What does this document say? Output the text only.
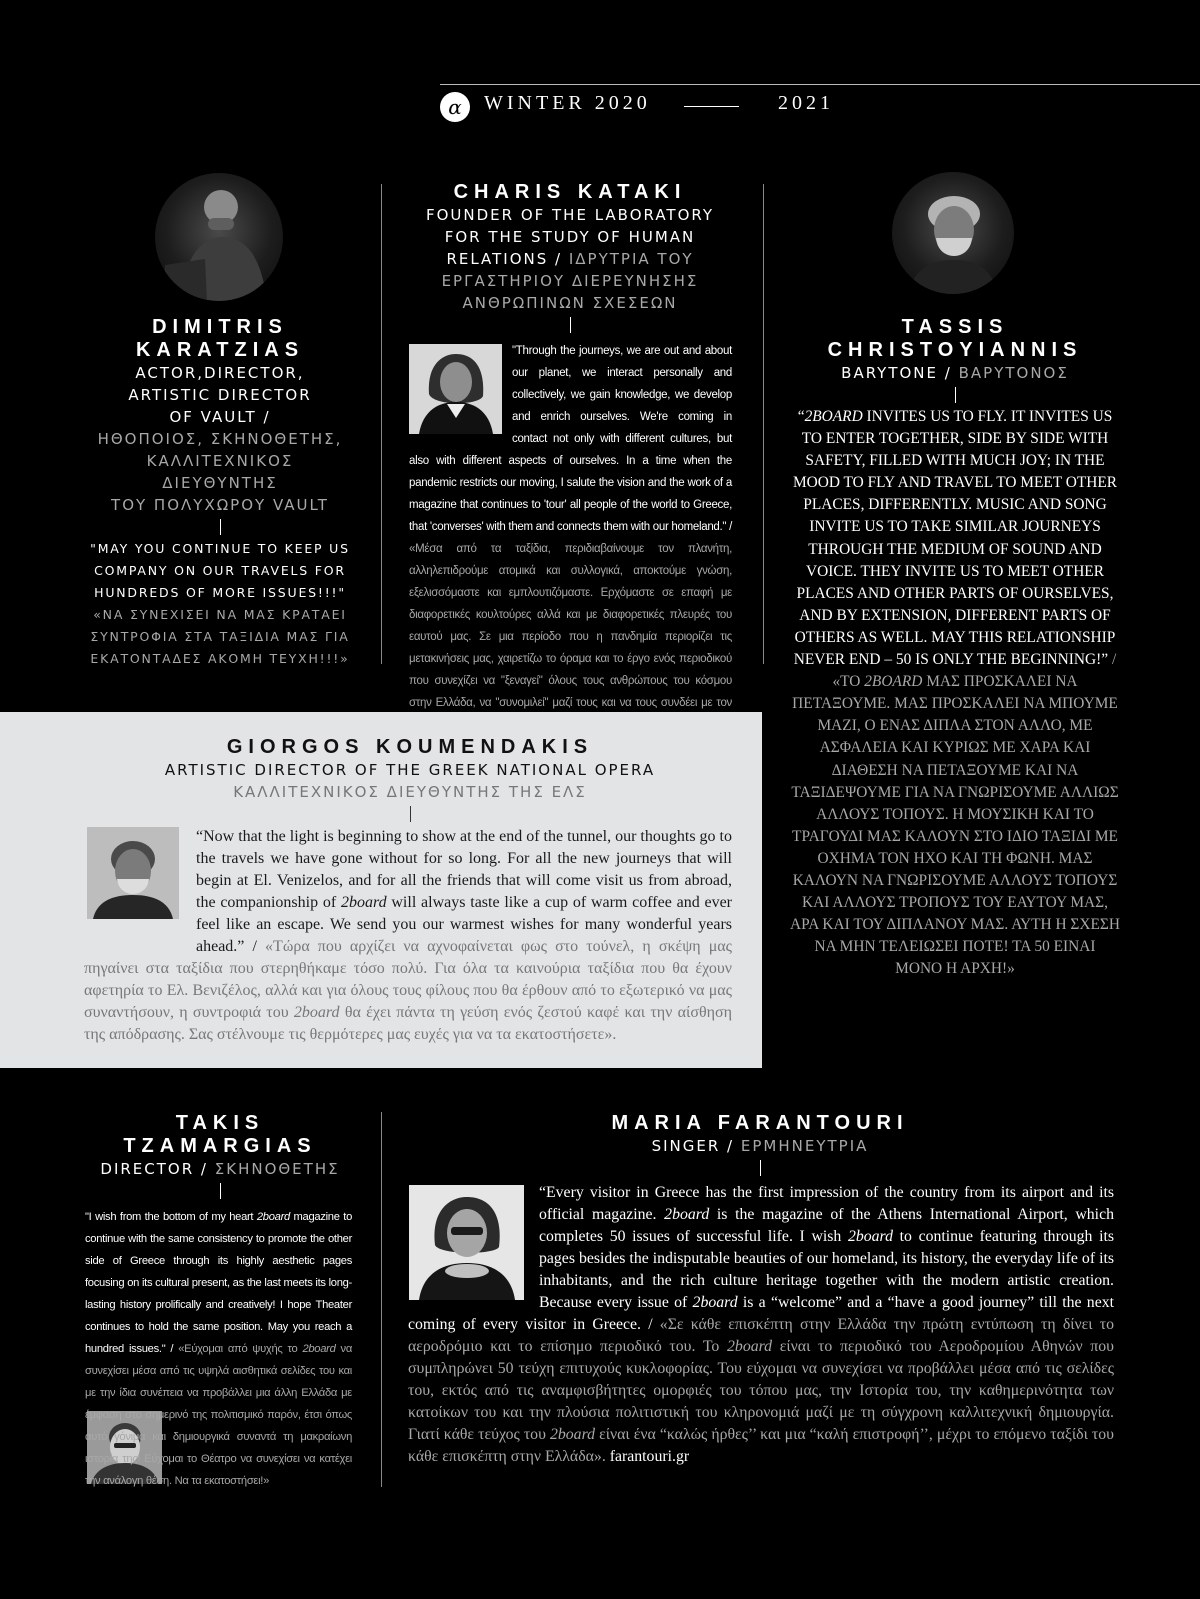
α	WINTER 2020	2021
DIMITRIS
KARATZIAS
ACTOR,DIRECTOR,
ARTISTIC DIRECTOR
OF VAULT /
ΗΘΟΠΟΙΟΣ, ΣΚΗΝΟΘΕΤΗΣ,
ΚΑΛΛΙΤΕΧΝΙΚΟΣ
ΔΙΕΥΘΥΝΤΗΣ
ΤΟΥ ΠΟΛΥΧΩΡΟΥ VAULT
"MAY YOU CONTINUE TO KEEP US
COMPANY ON OUR TRAVELS FOR
HUNDREDS OF MORE ISSUES!!!"
«ΝΑ ΣΥΝΕΧΙΣΕΙ ΝΑ ΜΑΣ ΚΡΑΤΑΕΙ
ΣΥΝΤΡΟΦΙΑ ΣΤΑ ΤΑΞΙΔΙΑ ΜΑΣ ΓΙΑ
ΕΚΑΤΟΝΤΑΔΕΣ ΑΚΟΜΗ ΤΕΥΧΗ!!!»
CHARIS KATAKI
FOUNDER OF THE LABORATORY
FOR THE STUDY OF HUMAN
RELATIONS / ΙΔΡΥΤΡΙΑ ΤΟΥ
ΕΡΓΑΣΤΗΡΙΟΥ ΔΙΕΡΕΥΝΗΣΗΣ
ΑΝΘΡΩΠΙΝΩΝ ΣΧΕΣΕΩΝ
"Through the journeys, we are out and about our planet, we interact personally and collectively, we gain knowledge, we develop and enrich ourselves. We're coming in contact not only with different cultures, but also with different aspects of ourselves. In a time when the pandemic restricts our moving, I salute the vision and the work of a magazine that continues to 'tour' all people of the world to Greece, that 'converses' with them and connects them with our homeland." / «Μέσα από τα ταξίδια, περιδιαβαίνουμε τον πλανήτη, αλληλεπιδρούμε ατομικά και συλλογικά, αποκτούμε γνώση, εξελισσόμαστε και εμπλουτιζόμαστε. Ερχόμαστε σε επαφή με διαφορετικές κουλτούρες αλλά και με διαφορετικές πλευρές του εαυτού μας. Σε μια περίοδο που η πανδημία περιορίζει τις μετακινήσεις μας, χαιρετίζω το όραμα και το έργο ενός περιοδικού που συνεχίζει να "ξεναγεί" όλους τους ανθρώπους του κόσμου στην Ελλάδα, να "συνομιλεί" μαζί τους και να τους συνδέει με τον
TASSIS
CHRISTOYIANNIS
BARYTONE / ΒΑΡΥΤΟΝΟΣ
“2BOARD INVITES US TO FLY. IT INVITES US TO ENTER TOGETHER, SIDE BY SIDE WITH SAFETY, FILLED WITH MUCH JOY; IN THE MOOD TO FLY AND TRAVEL TO MEET OTHER PLACES, DIFFERENTLY. MUSIC AND SONG INVITE US TO TAKE SIMILAR JOURNEYS THROUGH THE MEDIUM OF SOUND AND VOICE. THEY INVITE US TO MEET OTHER PLACES AND OTHER PARTS OF OURSELVES, AND BY EXTENSION, DIFFERENT PARTS OF OTHERS AS WELL. MAY THIS RELATIONSHIP NEVER END – 50 IS ONLY THE BEGINNING!” / «ΤΟ 2BOARD ΜΑΣ ΠΡΟΣΚΑΛΕΙ ΝΑ ΠΕΤΑΞΟΥΜΕ. ΜΑΣ ΠΡΟΣΚΑΛΕΙ ΝΑ ΜΠΟΥΜΕ ΜΑΖΙ, Ο ΕΝΑΣ ΔΙΠΛΑ ΣΤΟΝ ΑΛΛΟ, ΜΕ ΑΣΦΑΛΕΙΑ ΚΑΙ ΚΥΡΙΩΣ ΜΕ ΧΑΡΑ ΚΑΙ ΔΙΑΘΕΣΗ ΝΑ ΠΕΤΑΞΟΥΜΕ ΚΑΙ ΝΑ ΤΑΞΙΔΕΨΟΥΜΕ ΓΙΑ ΝΑ ΓΝΩΡΙΣΟΥΜΕ ΑΛΛΙΩΣ ΑΛΛΟΥΣ ΤΟΠΟΥΣ. Η ΜΟΥΣΙΚΗ ΚΑΙ ΤΟ ΤΡΑΓΟΥΔΙ ΜΑΣ ΚΑΛΟΥΝ ΣΤΟ ΙΔΙΟ ΤΑΞΙΔΙ ΜΕ ΟΧΗΜΑ ΤΟΝ ΗΧΟ ΚΑΙ ΤΗ ΦΩΝΗ. ΜΑΣ ΚΑΛΟΥΝ ΝΑ ΓΝΩΡΙΣΟΥΜΕ ΑΛΛΟΥΣ ΤΟΠΟΥΣ ΚΑΙ ΑΛΛΟΥΣ ΤΡΟΠΟΥΣ ΤΟΥ ΕΑΥΤΟΥ ΜΑΣ, ΑΡΑ ΚΑΙ ΤΟΥ ΔΙΠΛΑΝΟΥ ΜΑΣ. ΑΥΤΗ Η ΣΧΕΣΗ ΝΑ ΜΗΝ ΤΕΛΕΙΩΣΕΙ ΠΟΤΕ! ΤΑ 50 ΕΙΝΑΙ ΜΟΝΟ Η ΑΡΧΗ!»
GIORGOS KOUMENDAKIS
ARTISTIC DIRECTOR OF THE GREEK NATIONAL OPERA
ΚΑΛΛΙΤΕΧΝΙΚΟΣ ΔΙΕΥΘΥΝΤΗΣ ΤΗΣ ΕΛΣ
“Now that the light is beginning to show at the end of the tunnel, our thoughts go to the travels we have gone without for so long. For all the new journeys that will begin at El. Venizelos, and for all the friends that will come visit us from abroad, the companionship of 2board will always taste like a cup of warm coffee and ever feel like an escape. We send you our warmest wishes for many wonderful years ahead.” / «Τώρα που αρχίζει να αχνοφαίνεται φως στο τούνελ, η σκέψη μας πηγαίνει στα ταξίδια που στερηθήκαμε τόσο πολύ. Για όλα τα καινούρια ταξίδια που θα έχουν αφετηρία το Ελ. Βενιζέλος, αλλά και για όλους τους φίλους που θα έρθουν από το εξωτερικό να μας συναντήσουν, η συντροφιά του 2board θα έχει πάντα τη γεύση ενός ζεστού καφέ και την αίσθηση της απόδρασης. Σας στέλνουμε τις θερμότερες μας ευχές για να τα εκατοστήσετε».
TAKIS
TZAMARGIAS
DIRECTOR / ΣΚΗΝΟΘΕΤΗΣ
"I wish from the bottom of my heart 2board magazine to continue with the same consistency to promote the other side of Greece through its highly aesthetic pages focusing on its cultural present, as the last meets its long-lasting history prolifically and creatively! I hope Theater continues to hold the same position. May you reach a hundred issues." / «Εύχομαι από ψυχής το 2board να συνεχίσει μέσα από τις υψηλά αισθητικά σελίδες του και με την ίδια συνέπεια να προβάλλει μια άλλη Ελλάδα με έμφαση στο σημερινό της πολιτισμικό παρόν, έτσι όπως αυτό γόνιμα και δημιουργικά συναντά τη μακραίωνη ιστορία της! Εύχομαι το Θέατρο να συνεχίσει να κατέχει την ανάλογη θέση. Να τα εκατοστήσει!»
MARIA FARANTOURI
SINGER / ΕΡΜΗΝΕΥΤΡΙΑ
“Every visitor in Greece has the first impression of the country from its airport and its official magazine. 2board is the magazine of the Athens International Airport, which completes 50 issues of successful life. I wish 2board to continue featuring through its pages besides the indisputable beauties of our homeland, its history, the everyday life of its inhabitants, and the rich culture heritage together with the modern artistic creation. Because every issue of 2board is a “welcome” and a “have a good journey” till the next coming of every visitor in Greece. / «Σε κάθε επισκέπτη στην Ελλάδα την πρώτη εντύπωση τη δίνει το αεροδρόμιο και το επίσημο περιοδικό του. Το 2board είναι το περιοδικό του Αεροδρομίου Αθηνών που συμπληρώνει 50 τεύχη επιτυχούς κυκλοφορίας. Του εύχομαι να συνεχίσει να προβάλλει μέσα από τις σελίδες του, εκτός από τις αναμφισβήτητες ομορφιές του τόπου μας, την Ιστορία του, την καθημερινότητα των κατοίκων του και την πλούσια πολιτιστική του κληρονομιά μαζί με τη σύγχρονη καλλιτεχνική δημιουργία. Γιατί κάθε τεύχος του 2board είναι ένα “καλώς ήρθες’’ και μια “καλή επιστροφή’’, μέχρι το επόμενο ταξίδι του κάθε επισκέπτη στην Ελλάδα». farantouri.gr
